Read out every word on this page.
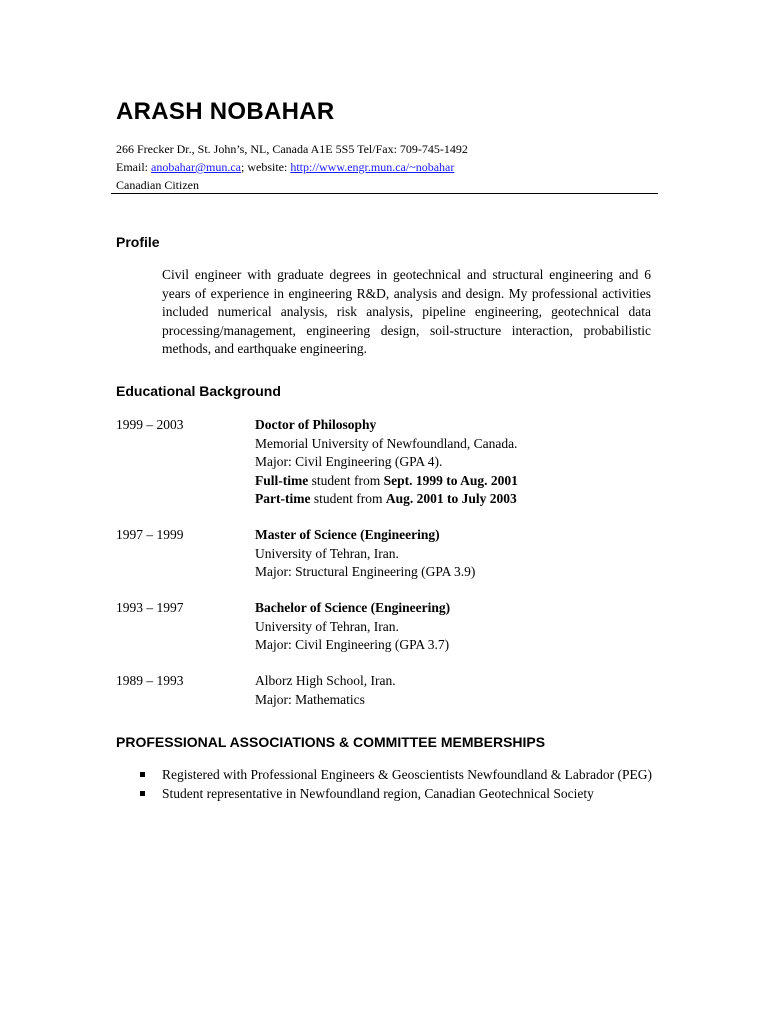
ARASH NOBAHAR
266 Frecker Dr., St. John’s, NL, Canada A1E 5S5 Tel/Fax: 709-745-1492
Email: anobahar@mun.ca; website: http://www.engr.mun.ca/~nobahar
Canadian Citizen
Profile

Civil engineer with graduate degrees in geotechnical and structural engineering and 6 years of experience in engineering R&D, analysis and design. My professional activities included numerical analysis, risk analysis, pipeline engineering, geotechnical data processing/management, engineering design, soil-structure interaction, probabilistic methods, and earthquake engineering.

Educational Background
1999 – 2003	Doctor of Philosophy
Memorial University of Newfoundland, Canada.
Major: Civil Engineering (GPA 4).
Full-time student from Sept. 1999 to Aug. 2001
Part-time student from Aug. 2001 to July 2003
1997 – 1999	Master of Science (Engineering)
University of Tehran, Iran.
Major: Structural Engineering (GPA 3.9)
1993 – 1997	Bachelor of Science (Engineering)
University of Tehran, Iran.
Major: Civil Engineering (GPA 3.7)
1989 – 1993	Alborz High School, Iran.
Major: Mathematics
PROFESSIONAL ASSOCIATIONS & COMMITTEE MEMBERSHIPS
Registered with Professional Engineers & Geoscientists Newfoundland & Labrador (PEG)
Student representative in Newfoundland region, Canadian Geotechnical Society
